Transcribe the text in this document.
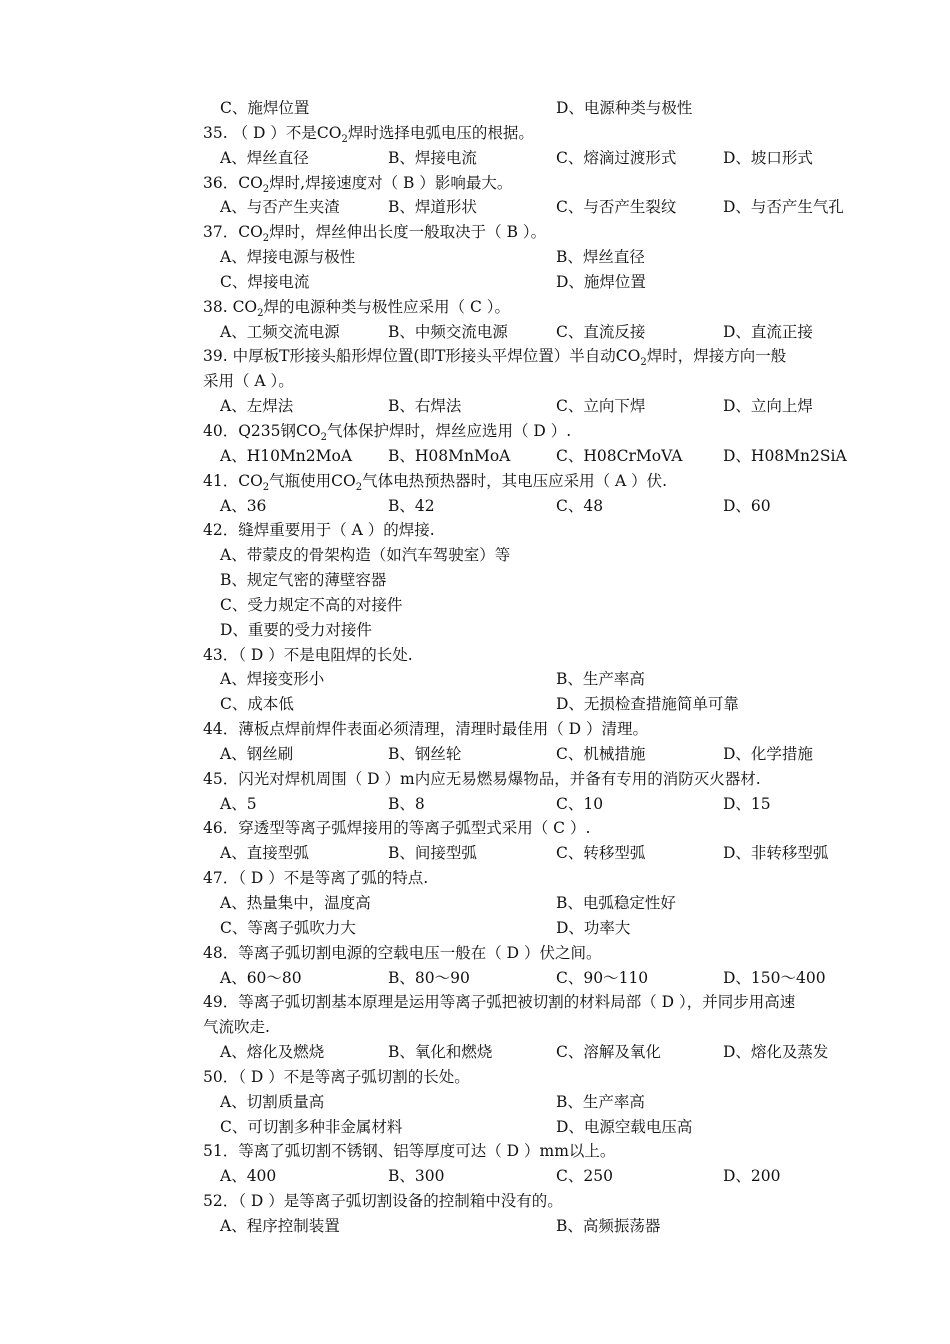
C、施焊位置	D、电源种类与极性
35. （ D ）不是$CO_2$焊时选择电弧电压的根据。
A、焊丝直径	B、焊接电流	C、熔滴过渡形式	D、坡口形式
36．$CO_2$焊时,焊接速度对（ B ）影响最大。
A、与否产生夹渣	B、焊道形状	C、与否产生裂纹	D、与否产生气孔
37．$CO_2$焊时，焊丝伸出长度一般取决于（ B ）。
A、焊接电源与极性	B、焊丝直径
C、焊接电流	D、施焊位置
38. $CO_2$焊的电源种类与极性应采用（ C ）。
A、工频交流电源	B、中频交流电源	C、直流反接	D、直流正接
39. 中厚板T形接头船形焊位置(即T形接头平焊位置）半自动$CO_2$焊时，焊接方向一般
采用（ A ）。
A、左焊法	B、右焊法	C、立向下焊	D、立向上焊
40．Q235钢$CO_2$气体保护焊时，焊丝应选用（ D ）.
A、H10Mn2MoA B、H08MnMoA	C、H08CrMoVA	D、H08Mn2SiA
41．$CO_2$气瓶使用$CO_2$气体电热预热器时，其电压应采用（ A ）伏.
A、36	B、42	C、48	D、60
42．缝焊重要用于（ A ）的焊接.
A、带蒙皮的骨架构造（如汽车驾驶室）等
B、规定气密的薄壁容器
C、受力规定不高的对接件
D、重要的受力对接件
43．（ D ）不是电阻焊的长处.
A、焊接变形小	B、生产率高
C、成本低	D、无损检查措施简单可靠
44．薄板点焊前焊件表面必须清理，清理时最佳用（ D ）清理。
A、钢丝刷	B、钢丝轮	C、机械措施	D、化学措施
45．闪光对焊机周围（ D ）m内应无易燃易爆物品，并备有专用的消防灭火器材.
A、5	B、8	C、10	D、15
46．穿透型等离子弧焊接用的等离子弧型式采用（ C ）.
A、直接型弧	B、间接型弧	C、转移型弧	D、非转移型弧
47．（ D ）不是等离了弧的特点.
A、热量集中，温度高	B、电弧稳定性好
C、等离子弧吹力大	D、功率大
48．等离子弧切割电源的空载电压一般在（ D ）伏之间。
A、60～80	B、80～90	C、90～110	D、150～400
49．等离子弧切割基本原理是运用等离子弧把被切割的材料局部（ D ），并同步用高速
气流吹走.
A、熔化及燃烧	B、氧化和燃烧	C、溶解及氧化	D、熔化及蒸发
50．（ D ）不是等离子弧切割的长处。
A、切割质量高	B、生产率高
C、可切割多种非金属材料	D、电源空载电压高
51．等离了弧切割不锈钢、铝等厚度可达（ D ）mm以上。
A、400	B、300	C、250	D、200
52．（ D ）是等离子弧切割设备的控制箱中没有的。
A、程序控制装置	B、高频振荡器
